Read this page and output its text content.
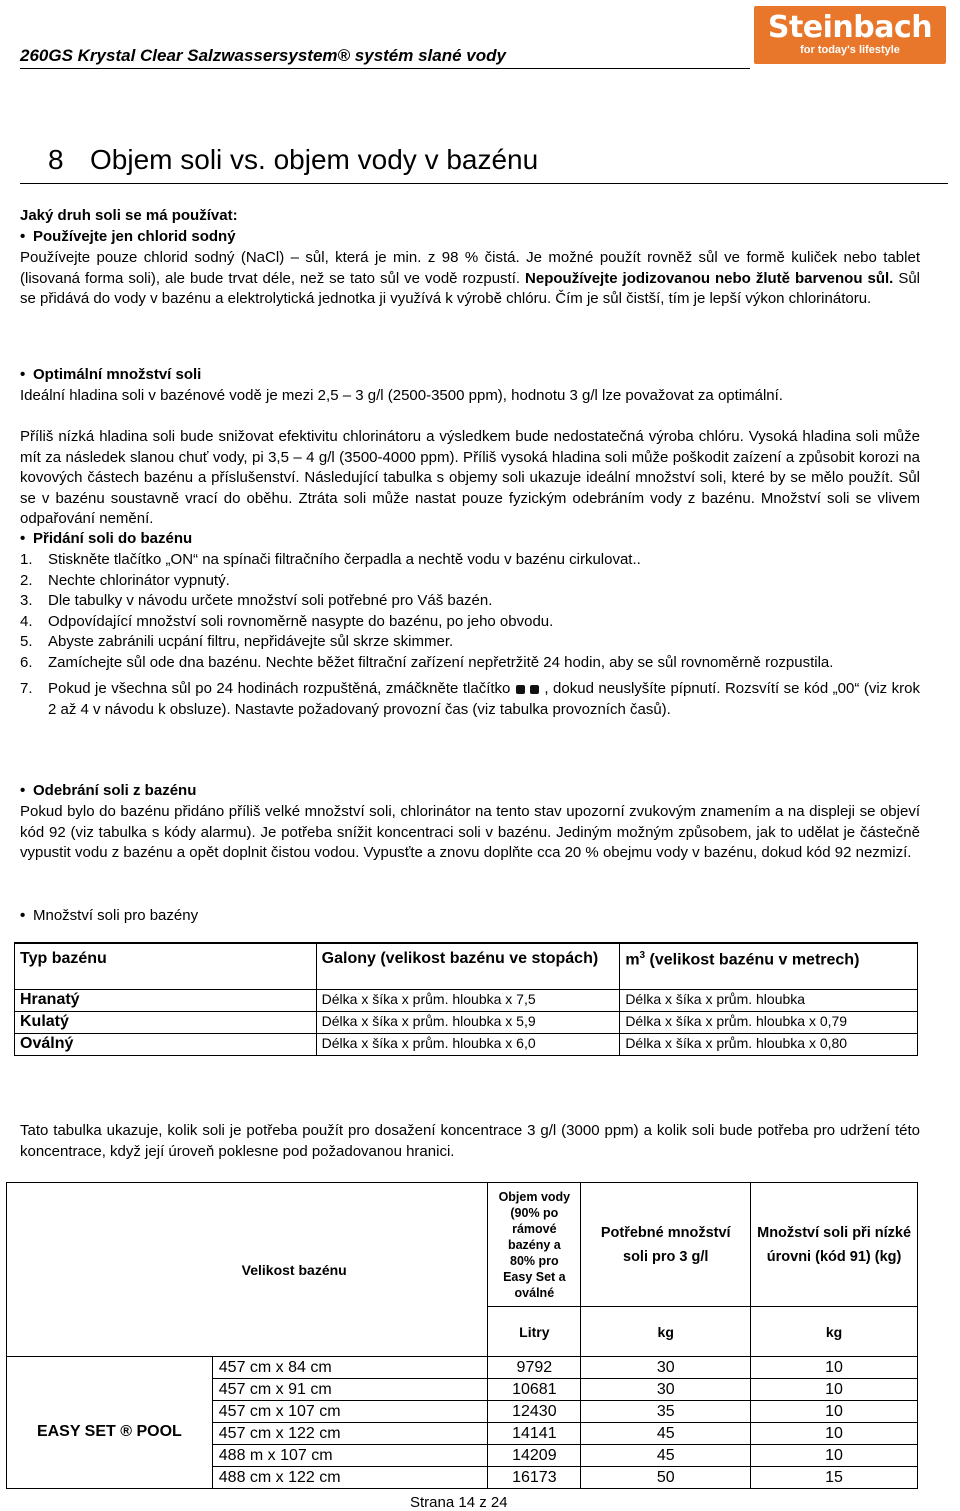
260GS Krystal Clear Salzwassersystem® systém slané vody
Steinbach
for today's lifestyle
8 Objem soli vs. objem vody v bazénu
Jaký druh soli se má používat:
• Používejte jen chlorid sodný
Používejte pouze chlorid sodný (NaCl) – sůl, která je min. z 98 % čistá. Je možné použít rovněž sůl ve formě kuliček nebo tablet (lisovaná forma soli), ale bude trvat déle, než se tato sůl ve vodě rozpustí. Nepoužívejte jodizovanou nebo žlutě barvenou sůl. Sůl se přidává do vody v bazénu a elektrolytická jednotka ji využívá k výrobě chlóru. Čím je sůl čistší, tím je lepší výkon chlorinátoru.
• Optimální množství soli
Ideální hladina soli v bazénové vodě je mezi 2,5 – 3 g/l (2500-3500 ppm), hodnotu 3 g/l lze považovat za optimální.
Příliš nízká hladina soli bude snižovat efektivitu chlorinátoru a výsledkem bude nedostatečná výroba chlóru. Vysoká hladina soli může mít za následek slanou chuť vody, pi 3,5 – 4 g/l (3500-4000 ppm). Příliš vysoká hladina soli může poškodit zaízení a způsobit korozi na kovových částech bazénu a příslušenství. Následující tabulka s objemy soli ukazuje ideální množství soli, které by se mělo použít. Sůl se v bazénu soustavně vrací do oběhu. Ztráta soli může nastat pouze fyzickým odebráním vody z bazénu. Množství soli se vlivem odpařování nemění.
• Přidání soli do bazénu
1.	Stiskněte tlačítko „ON“ na spínači filtračního čerpadla a nechtě vodu v bazénu cirkulovat..
2.	Nechte chlorinátor vypnutý.
3.	Dle tabulky v návodu určete množství soli potřebné pro Váš bazén.
4.	Odpovídající množství soli rovnoměrně nasypte do bazénu, po jeho obvodu.
5.	Abyste zabránili ucpání filtru, nepřidávejte sůl skrze skimmer.
6.	Zamíchejte sůl ode dna bazénu. Nechte běžet filtrační zařízení nepřetržitě 24 hodin, aby se sůl rovnoměrně rozpustila.
7.	Pokud je všechna sůl po 24 hodinách rozpuštěná, zmáčkněte tlačítko , dokud neuslyšíte pípnutí. Rozsvítí se kód „00“ (viz krok 2 až 4 v návodu k obsluze). Nastavte požadovaný provozní čas (viz tabulka provozních časů).
• Odebrání soli z bazénu
Pokud bylo do bazénu přidáno příliš velké množství soli, chlorinátor na tento stav upozorní zvukovým znamením a na displeji se objeví kód 92 (viz tabulka s kódy alarmu). Je potřeba snížit koncentraci soli v bazénu. Jediným možným způsobem, jak to udělat je částečně vypustit vodu z bazénu a opět doplnit čistou vodou. Vypusťte a znovu doplňte cca 20 % obejmu vody v bazénu, dokud kód 92 nezmizí.
• Množství soli pro bazény
Typ bazénu	Galony (velikost bazénu ve stopách)	$m^3$ (velikost bazénu v metrech)
Hranatý	Délka x šíka x prům. hloubka x 7,5	Délka x šíka x prům. hloubka
Kulatý	Délka x šíka x prům. hloubka x 5,9	Délka x šíka x prům. hloubka x 0,79
Oválný	Délka x šíka x prům. hloubka x 6,0	Délka x šíka x prům. hloubka x 0,80
Tato tabulka ukazuje, kolik soli je potřeba použít pro dosažení koncentrace 3 g/l (3000 ppm) a kolik soli bude potřeba pro udržení této koncentrace, když její úroveň poklesne pod požadovanou hranici.
Velikost bazénu		Objem vody (90% po rámové bazény a 80% pro Easy Set a oválné	Potřebné množství soli pro 3 g/l	Množství soli při nízké úrovni (kód 91) (kg)
		Litry	kg	kg
EASY SET ® POOL	457 cm x 84 cm	9792	30	10
	457 cm x 91 cm	10681	30	10
	457 cm x 107 cm	12430	35	10
	457 cm x 122 cm	14141	45	10
	488 m x 107 cm	14209	45	10
	488 cm x 122 cm	16173	50	15
Strana 14 z 24
